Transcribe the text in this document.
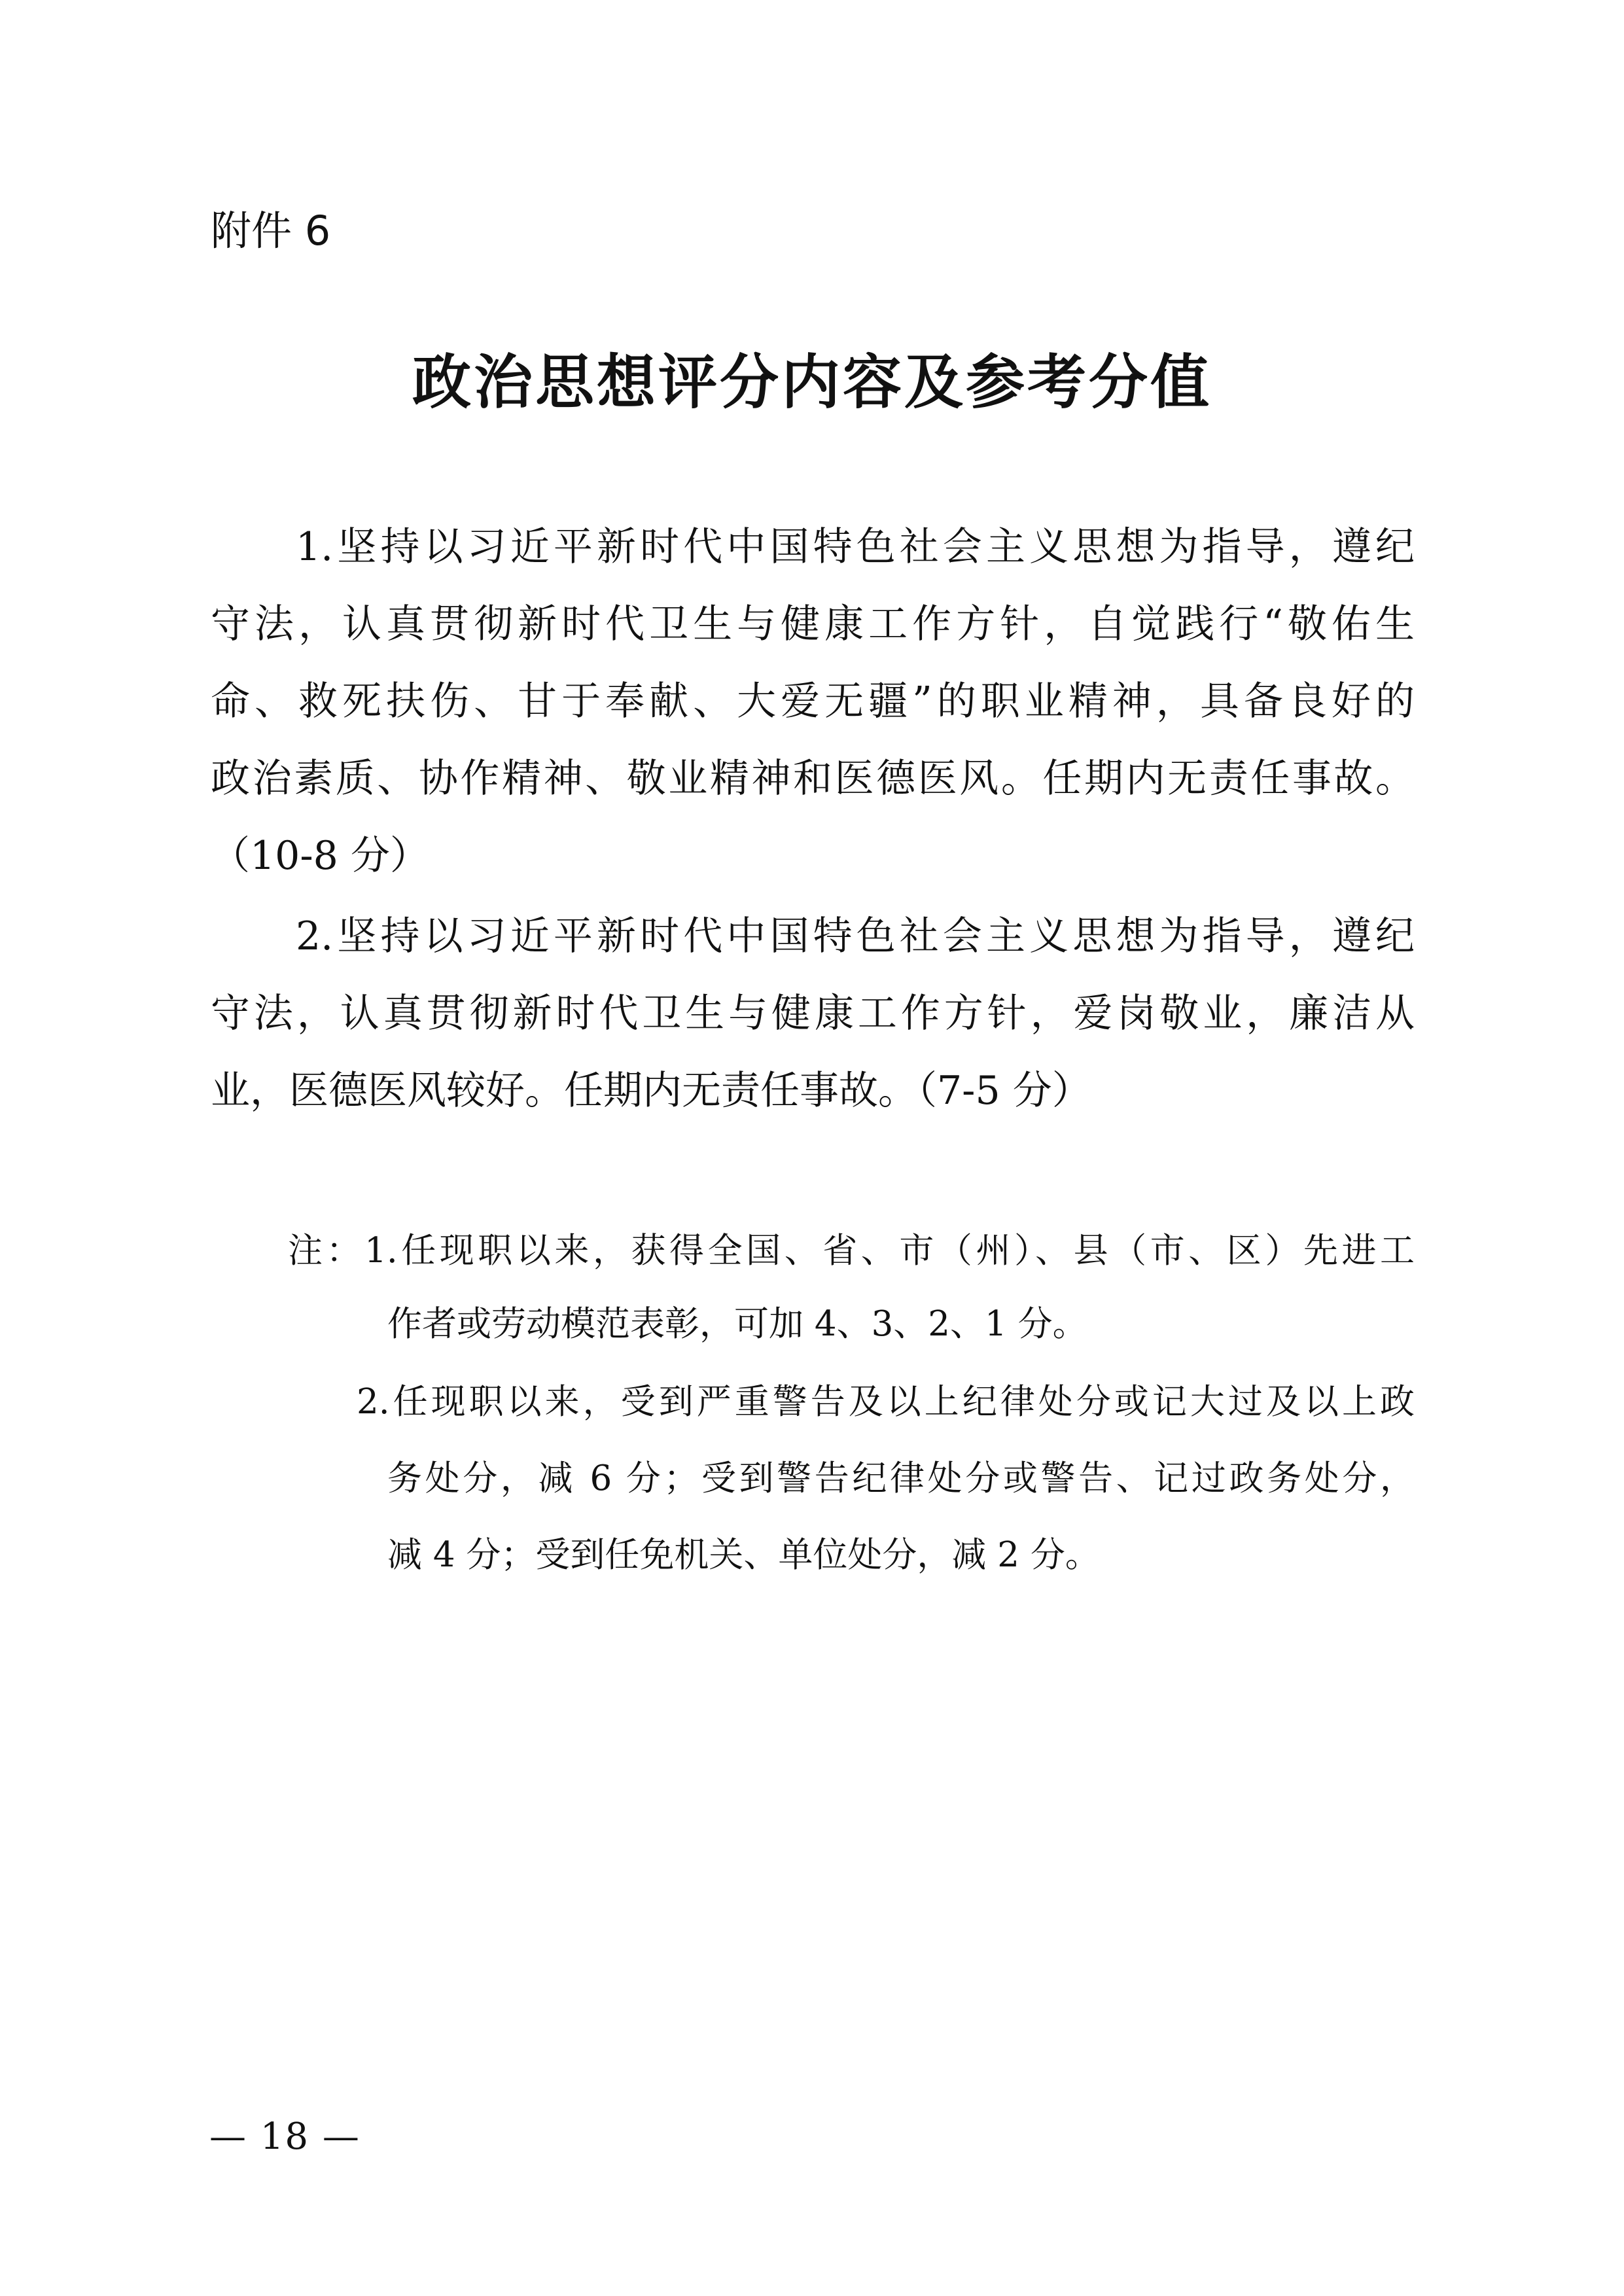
附件 6
政治思想评分内容及参考分值
1.坚持以习近平新时代中国特色社会主义思想为指导，遵纪
守法，认真贯彻新时代卫生与健康工作方针，自觉践行“敬佑生
命、救死扶伤、甘于奉献、大爱无疆”的职业精神，具备良好的
政治素质、协作精神、敬业精神和医德医风。任期内无责任事故。
（10-8 分）
2.坚持以习近平新时代中国特色社会主义思想为指导，遵纪
守法，认真贯彻新时代卫生与健康工作方针，爱岗敬业，廉洁从
业，医德医风较好。任期内无责任事故。（7-5 分）
注：1.任现职以来，获得全国、省、市（州）、县（市、区）先进工
作者或劳动模范表彰，可加 4、3、2、1 分。
2.任现职以来，受到严重警告及以上纪律处分或记大过及以上政
务处分，减 6 分；受到警告纪律处分或警告、记过政务处分，
减 4 分；受到任免机关、单位处分，减 2 分。
— 18 —
